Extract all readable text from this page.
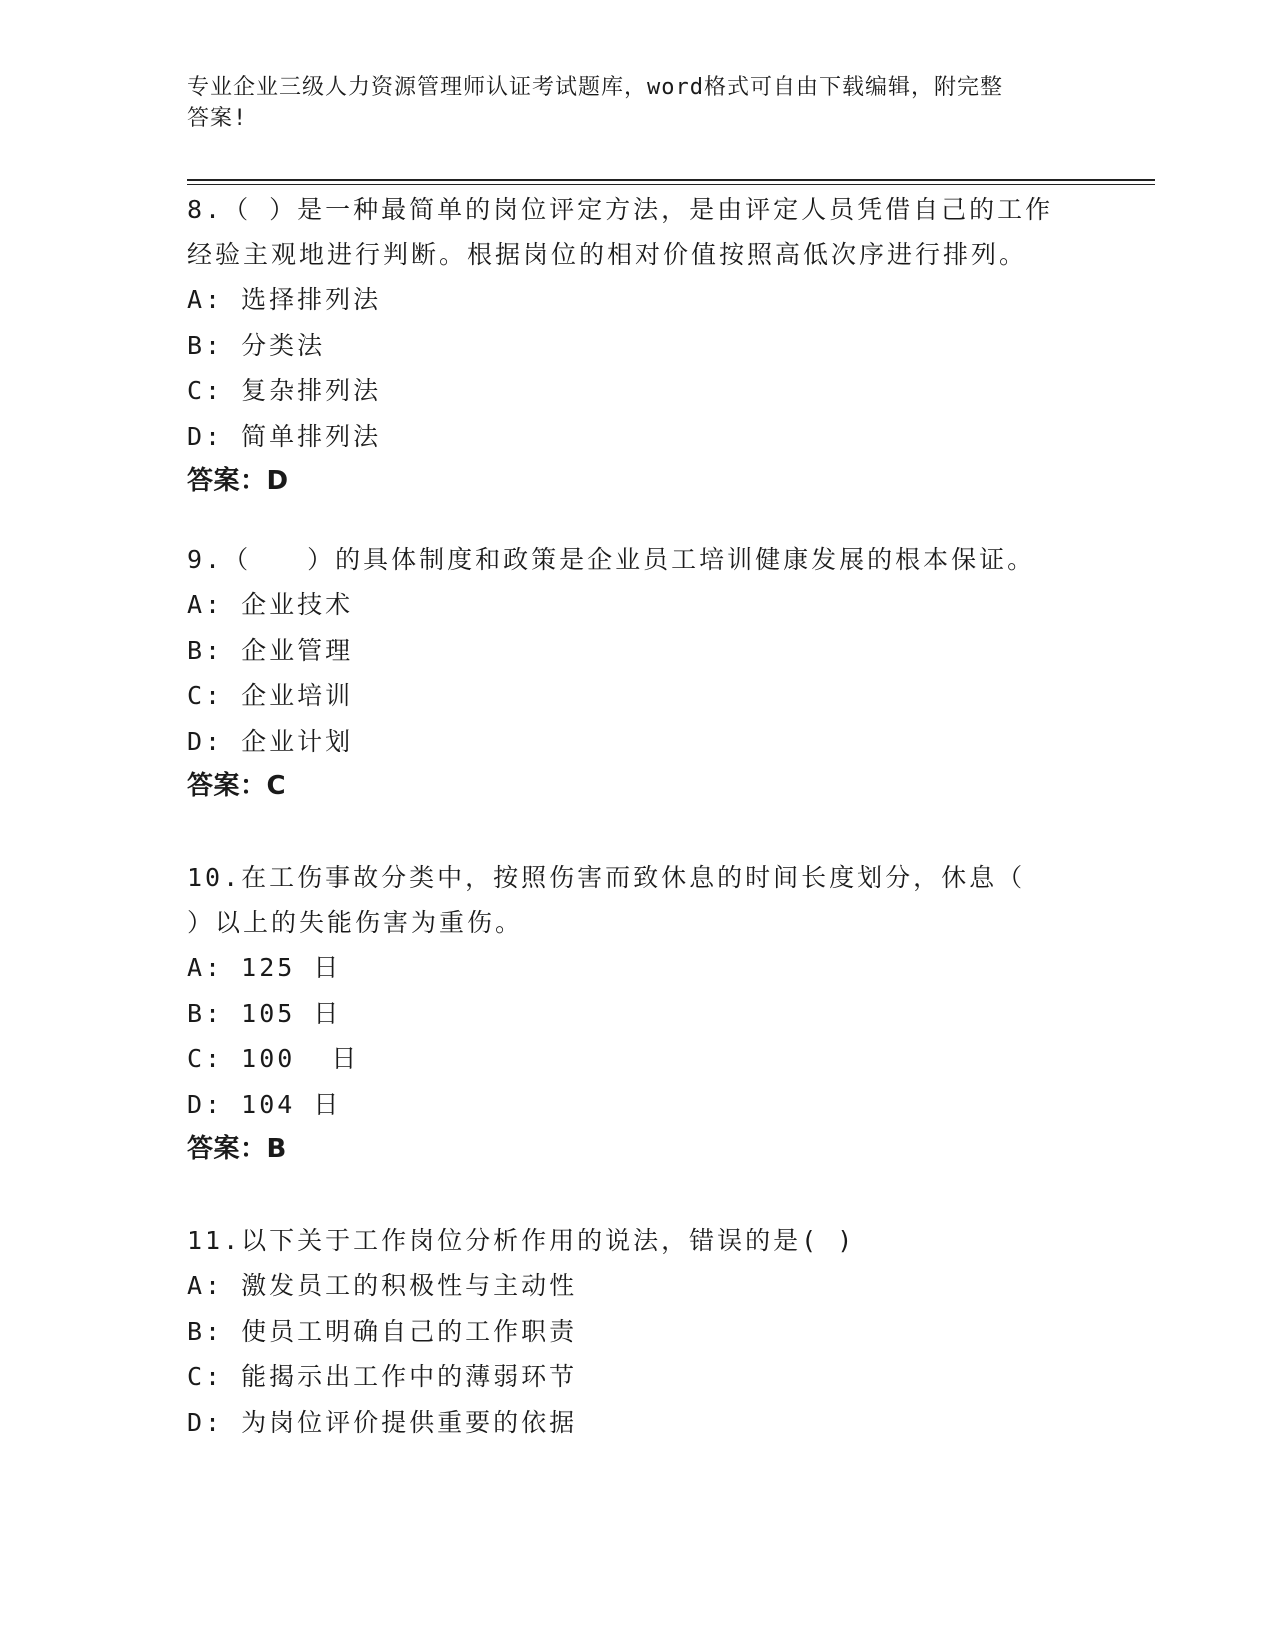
专业企业三级人力资源管理师认证考试题库，word格式可自由下载编辑，附完整
答案!

8.（ ）是一种最简单的岗位评定方法，是由评定人员凭借自己的工作

经验主观地进行判断。根据岗位的相对价值按照高低次序进行排列。

A: 选择排列法

B: 分类法

C: 复杂排列法

D: 简单排列法

答案：D

9.（　　）的具体制度和政策是企业员工培训健康发展的根本保证。

A: 企业技术

B: 企业管理

C: 企业培训

D: 企业计划

答案：C

10.在工伤事故分类中，按照伤害而致休息的时间长度划分，休息（

）以上的失能伤害为重伤。

A: 125 日

B: 105 日

C: 100  日

D: 104 日

答案：B

11.以下关于工作岗位分析作用的说法，错误的是( )

A: 激发员工的积极性与主动性

B: 使员工明确自己的工作职责

C: 能揭示出工作中的薄弱环节

D: 为岗位评价提供重要的依据
